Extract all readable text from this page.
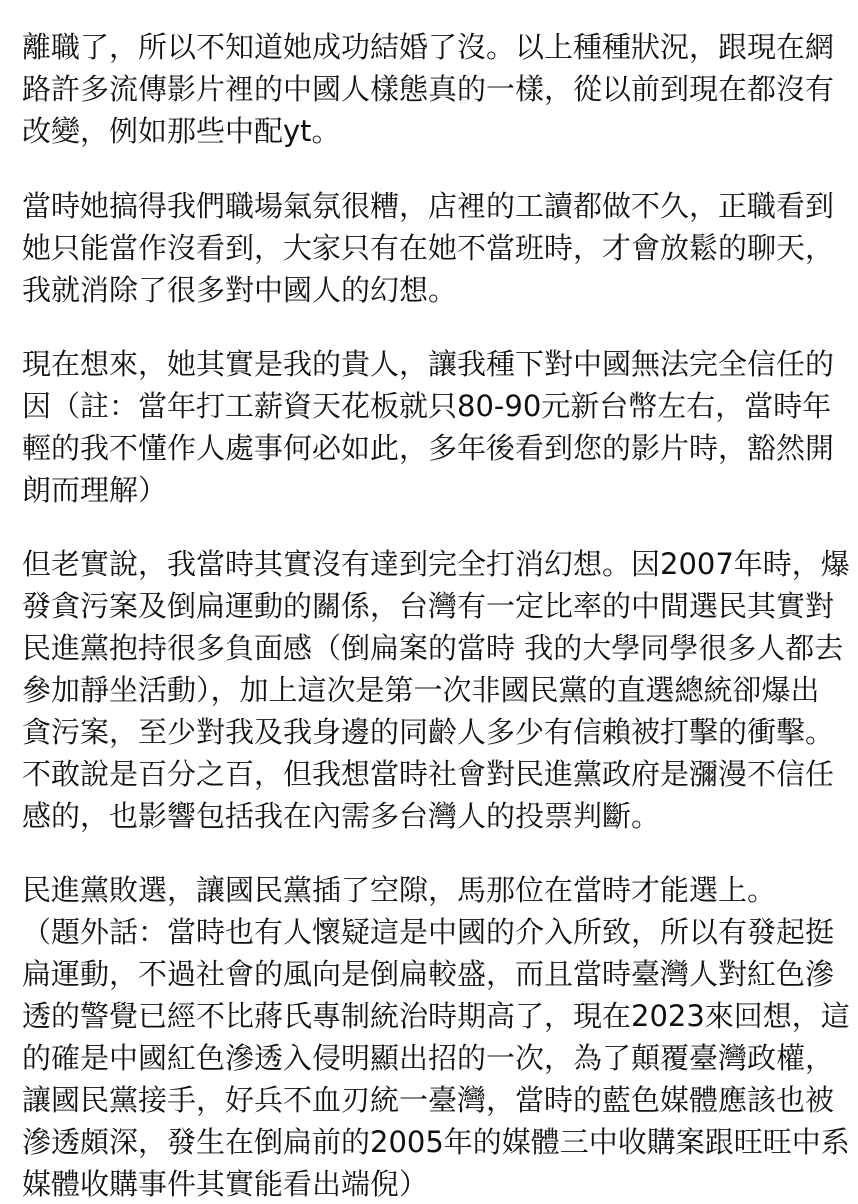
離職了，所以不知道她成功結婚了沒。以上種種狀況，跟現在網

路許多流傳影片裡的中國人樣態真的一樣，從以前到現在都沒有

改變，例如那些中配yt。

當時她搞得我們職場氣氛很糟，店裡的工讀都做不久，正職看到

她只能當作沒看到，大家只有在她不當班時，才會放鬆的聊天，

我就消除了很多對中國人的幻想。

現在想來，她其實是我的貴人，讓我種下對中國無法完全信任的

因（註：當年打工薪資天花板就只80-90元新台幣左右，當時年

輕的我不懂作人處事何必如此，多年後看到您的影片時，豁然開

朗而理解）

但老實說，我當時其實沒有達到完全打消幻想。因2007年時，爆

發貪污案及倒扁運動的關係，台灣有一定比率的中間選民其實對

民進黨抱持很多負面感（倒扁案的當時 我的大學同學很多人都去

參加靜坐活動），加上這次是第一次非國民黨的直選總統卻爆出

貪污案，至少對我及我身邊的同齡人多少有信賴被打擊的衝擊。

不敢說是百分之百，但我想當時社會對民進黨政府是瀰漫不信任

感的，也影響包括我在內需多台灣人的投票判斷。

民進黨敗選，讓國民黨插了空隙，馬那位在當時才能選上。

（題外話：當時也有人懷疑這是中國的介入所致，所以有發起挺

扁運動，不過社會的風向是倒扁較盛，而且當時臺灣人對紅色滲

透的警覺已經不比蔣氏專制統治時期高了，現在2023來回想，這

的確是中國紅色滲透入侵明顯出招的一次，為了顛覆臺灣政權，

讓國民黨接手，好兵不血刃統一臺灣，當時的藍色媒體應該也被

滲透頗深，發生在倒扁前的2005年的媒體三中收購案跟旺旺中系

媒體收購事件其實能看出端倪）
